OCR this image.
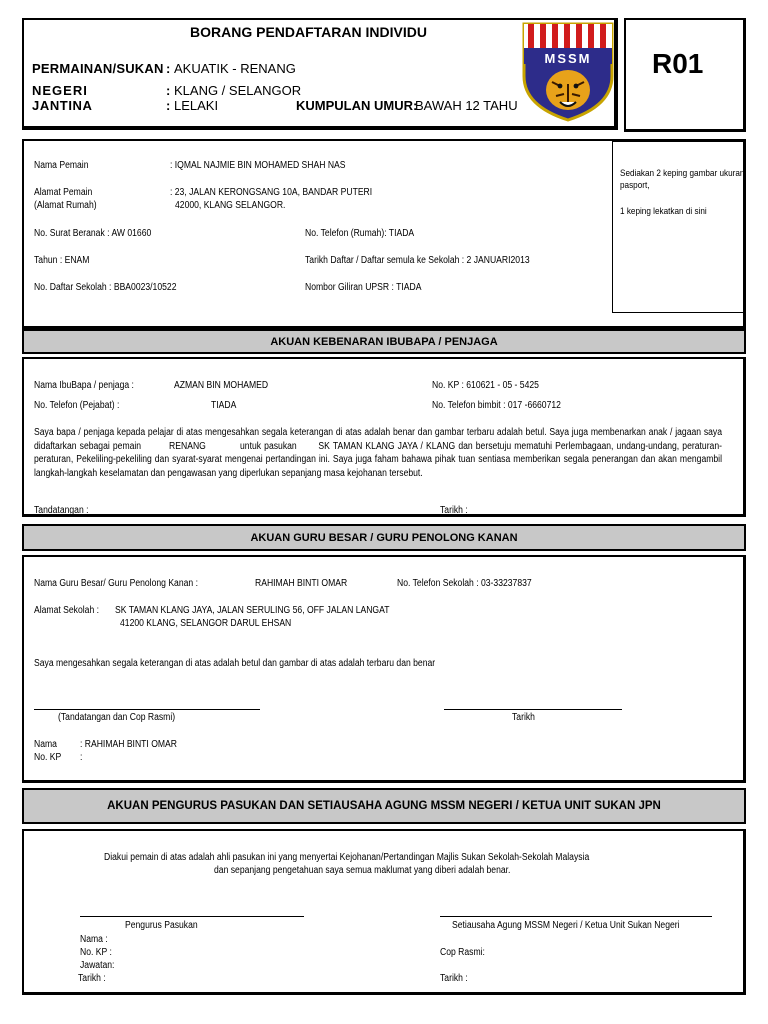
BORANG PENDAFTARAN INDIVIDU
PERMAINAN/SUKAN : AKUATIK - RENANG
NEGERI	: KLANG / SELANGOR
JANTINA	: LELAKI	KUMPULAN UMUR:
BAWAH 12 TAHU
MSSM R01
Sediakan 2 keping gambar ukuran pasport,
1 keping lekatkan di sini
Nama Pemain	: IQMAL NAJMIE BIN MOHAMED SHAH NAS
Alamat Pemain
(Alamat Rumah)
: 23, JALAN KERONGSANG 10A, BANDAR PUTERI
42000, KLANG SELANGOR.
No. Surat Beranak : AW 01660	No. Telefon (Rumah): TIADA
Tahun : ENAM	Tarikh Daftar / Daftar semula ke Sekolah : 2 JANUARI2013
No. Daftar Sekolah : BBA0023/10522	Nombor Giliran UPSR : TIADA
AKUAN KEBENARAN IBUBAPA / PENJAGA
Nama IbuBapa / penjaga :	AZMAN BIN MOHAMED	No. KP : 610621 - 05 - 5425
No. Telefon (Pejabat) :	TIADA	No. Telefon bimbit : 017 -6660712
Saya bapa / penjaga kepada pelajar di atas mengesahkan segala keterangan di atas adalah benar dan gambar terbaru adalah betul. Saya juga membenarkan anak / jagaan saya didaftarkan sebagai pemain	RENANG	untuk pasukan SK TAMAN KLANG JAYA / KLANG dan bersetuju mematuhi Perlembagaan, undang-undang, peraturan-peraturan, Pekeliling-pekeliling dan syarat-syarat mengenai pertandingan ini. Saya juga faham bahawa pihak tuan sentiasa memberikan segala penerangan dan akan mengambil langkah-langkah keselamatan dan pengawasan yang diperlukan sepanjang masa kejohanan tersebut.
Tandatangan :	Tarikh :
AKUAN GURU BESAR / GURU PENOLONG KANAN
Nama Guru Besar/ Guru Penolong Kanan :	RAHIMAH BINTI OMAR	No. Telefon Sekolah : 03-33237837
Alamat Sekolah : SK TAMAN KLANG JAYA, JALAN SERULING 56, OFF JALAN LANGAT
41200 KLANG, SELANGOR DARUL EHSAN
Saya mengesahkan segala keterangan di atas adalah betul dan gambar di atas adalah terbaru dan benar
(Tandatangan dan Cop Rasmi)	Tarikh
Nama : RAHIMAH BINTI OMAR
No. KP :
AKUAN PENGURUS PASUKAN DAN SETIAUSAHA AGUNG MSSM NEGERI / KETUA UNIT SUKAN JPN
Diakui pemain di atas adalah ahli pasukan ini yang menyertai Kejohanan/Pertandingan Majlis Sukan Sekolah-Sekolah Malaysia
dan sepanjang pengetahuan saya semua maklumat yang diberi adalah benar.
Pengurus Pasukan	Setiausaha Agung MSSM Negeri / Ketua Unit Sukan Negeri
Nama :
No. KP :
Jawatan:
Tarikh :
Cop Rasmi:
Tarikh :
